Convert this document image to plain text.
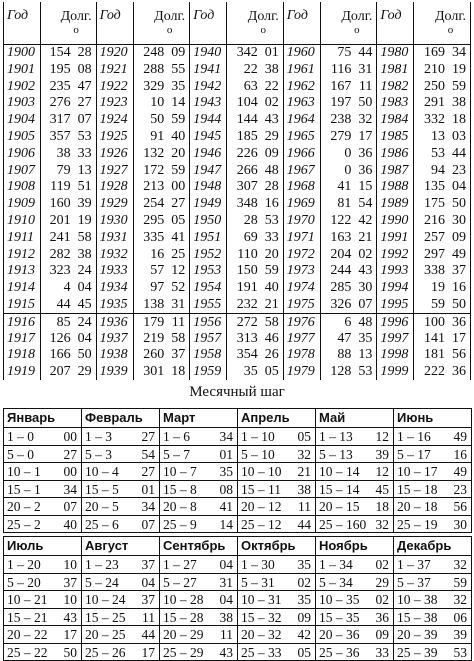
Год Долг.
о
1900 154 28
1901 195 08
1902 235 47
1903 276 27
1904 317 07
1905 357 53
1906 38 33
1907 79 13
1908 119 51
1909 160 39
1910 201 19
1911 241 58
1912 282 38
1913 323 24
1914 4 04
1915 44 45
1916 85 24
1917 126 04
1918 166 50
1919 207 29
Год Долг.
о
1920 248 09
1921 288 55
1922 329 35
1923 10 14
1924 50 59
1925 91 40
1926 132 20
1927 172 59
1928 213 00
1929 254 27
1930 295 05
1931 335 41
1932 16 25
1933 57 12
1934 97 52
1935 138 31
1936 179 11
1937 219 58
1938 260 37
1939 301 18
Год Долг.
о
1940 342 01
1941 22 38
1942 63 22
1943 104 02
1944 144 43
1945 185 29
1946 226 09
1947 266 48
1948 307 28
1949 348 16
1950 28 53
1951 69 33
1952 110 20
1953 150 59
1954 191 40
1955 232 21
1956 272 58
1957 313 46
1958 354 26
1959 35 05
Год Долг.
о
1960 75 44
1961 116 31
1962 167 11
1963 197 50
1964 238 32
1965 279 17
1966 0 36
1967 0 36
1968 41 15
1969 81 54
1970 122 42
1971 163 21
1972 204 02
1973 244 43
1974 285 30
1975 326 07
1976 6 48
1977 47 35
1978 88 13
1979 128 53
Год Долг.
о
1980 169 34
1981 210 19
1982 250 59
1983 291 38
1984 332 18
1985 13 03
1986 53 44
1987 94 23
1988 135 04
1989 175 50
1990 216 30
1991 257 09
1992 297 49
1993 338 37
1994 19 16
1995 59 50
1996 100 36
1997 141 17
1998 181 56
1999 222 36
Месячный шаг
Январь
1 – 0 00
5 – 0 27
10 – 1 00
15 – 1 34
20 – 2 07
25 – 2 40
Февраль
1 – 3 27
5 – 3 54
10 – 4 27
15 – 5 01
20 – 5 34
25 – 6 07
Март
1 – 6 34
5 – 7 01
10 – 7 35
15 – 8 08
20 – 8 41
25 – 9 14
Апрель
1 – 10 05
5 – 10 32
10 – 10 21
15 – 11 38
20 – 12 11
25 – 12 44
Май
1 – 13 12
5 – 13 39
10 – 14 12
15 – 14 45
20 – 15 18
25 – 160 32
Июнь
1 – 16 49
5 – 17 16
10 – 17 49
15 – 18 23
20 – 18 56
25 – 19 30
Июль
1 – 20 10
5 – 20 37
10 – 21 10
15 – 21 43
20 – 22 17
25 – 22 50
Август
1 – 23 37
5 – 24 04
10 – 24 37
15 – 25 11
20 – 25 44
25 – 26 17
Сентябрь
1 – 27 04
5 – 27 31
10 – 28 04
15 – 28 38
20 – 29 11
25 – 29 43
Октябрь
1 – 30 35
5 – 31 02
10 – 31 35
15 – 32 09
20 – 32 42
25 – 33 05
Ноябрь
1 – 34 02
5 – 34 29
10 – 35 02
15 – 35 36
20 – 36 09
25 – 36 33
Декабрь
1 – 37 32
5 – 37 59
10 – 38 32
15 – 38 06
20 – 39 39
25 – 39 53
